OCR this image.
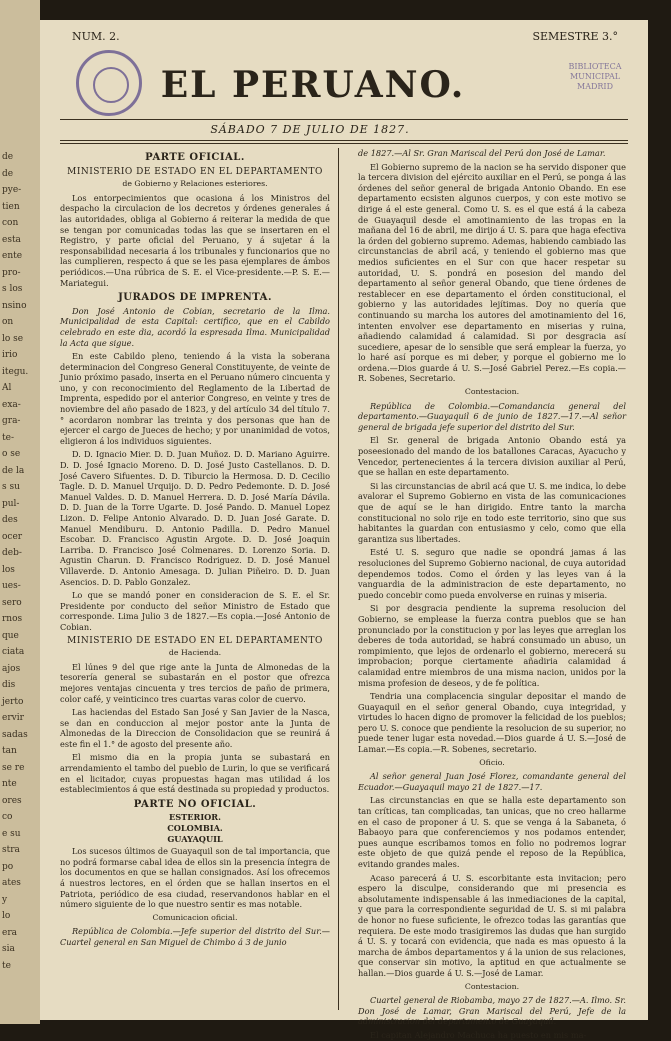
de
de
pye-
tien
con
esta
ente
pro-
s los
nsino
on
lo se
irio
itegu.
Al
exa-
gra-
te-
o se
de la
s su
pul-
des
ocer
deb-
los
ues-
sero
rnos
que
ciata
ajos
dis
jerto
ervir
sadas
tan
se re
nte
ores
co
e su
stra
po
ates
y
lo
era
sia
te
NUM. 2.	SEMESTRE 3.°
BIBLIOTECA MUNICIPAL MADRID
EL PERUANO.
SÁBADO 7 DE JULIO DE 1827.
PARTE OFICIAL.
MINISTERIO DE ESTADO EN EL DEPARTAMENTO
de Gobierno y Relaciones esteriores.

Los entorpecimientos que ocasiona á los Ministros del despacho la circulacion de los decretos y órdenes generales á las autoridades, obliga al Gobierno á reiterar la medida de que se tengan por comunicadas todas las que se insertaren en el Registro, y parte oficial del Peruano, y á sujetar á la responsabilidad necesaria á los tribunales y funcionarios que no las cumplieren, respecto á que se les pasa ejemplares de ámbos periódicos.—Una rúbrica de S. E. el Vice-presidente.—P. S. E.—Mariategui.

JURADOS DE IMPRENTA.

Don José Antonio de Cobian, secretario de la Ilma. Municipalidad de esta Capital: certifico, que en el Cabildo celebrado en este dia, acordó la espresada Ilma. Municipalidad la Acta que sigue.

En este Cabildo pleno, teniendo á la vista la soberana determinacion del Congreso General Constituyente, de veinte de Junio próximo pasado, inserta en el Peruano número cincuenta y uno, y con reconocimiento del Reglamento de la Libertad de Imprenta, espedido por el anterior Congreso, en veinte y tres de noviembre del año pasado de 1823, y del artículo 34 del título 7.° acordaron nombrar las treinta y dos personas que han de ejercer el cargo de Jueces de hecho; y por unanimidad de votos, eligieron á los individuos siguientes.

D. D. Ignacio Mier. D. D. Juan Muñoz. D. D. Mariano Aguirre. D. D. José Ignacio Moreno. D. D. José Justo Castellanos. D. D. José Cavero Sifuentes. D. D. Tiburcio la Hermosa. D. D. Cecilio Tagle. D. D. Manuel Urquijo. D. D. Pedro Pedemonte. D. D. José Manuel Valdes. D. D. Manuel Herrera. D. D. José María Dávila. D. D. Juan de la Torre Ugarte. D. José Pando. D. Manuel Lopez Lizon. D. Felipe Antonio Alvarado. D. D. Juan José Garate. D. Manuel Mendiburu. D. Antonio Padilla. D. Pedro Manuel Escobar. D. Francisco Agustin Argote. D. D. José Joaquin Larriba. D. Francisco José Colmenares. D. Lorenzo Soria. D. Agustin Charun. D. Francisco Rodriguez. D. D. José Manuel Villaverde. D. Antonio Amesaga. D. Julian Piñeiro. D. D. Juan Asencios. D. D. Pablo Gonzalez.

Lo que se mandó poner en consideracion de S. E. el Sr. Presidente por conducto del señor Ministro de Estado que corresponde. Lima Julio 3 de 1827.—Es copia.—José Antonio de Cobian.

MINISTERIO DE ESTADO EN EL DEPARTAMENTO
de Hacienda.

El lúnes 9 del que rige ante la Junta de Almonedas de la tesorería general se subastarán en el postor que ofrezca mejores ventajas cincuenta y tres tercios de paño de primera, color café, y veinticinco tres cuartas varas color de cuervo.

Las haciendas del Estado San José y San Javier de la Nasca, se dan en conduccion al mejor postor ante la Junta de Almonedas de la Direccion de Consolidacion que se reunirá á este fin el 1.° de agosto del presente año.

El mismo dia en la propia junta se subastará en arrendamiento el tambo del pueblo de Lurin, lo que se verificará en el licitador, cuyas propuestas hagan mas utilidad á los establecimientos á que está destinada su propiedad y productos.

PARTE NO OFICIAL.
ESTERIOR.
COLOMBIA.
GUAYAQUIL

Los sucesos últimos de Guayaquil son de tal importancia, que no podrá formarse cabal idea de ellos sin la presencia íntegra de los documentos en que se hallan consignados. Así los ofrecemos á nuestros lectores, en el órden que se hallan insertos en el Patriota, periódico de esa ciudad, reservandonos hablar en el número siguiente de lo que nuestro sentir es mas notable.

Comunicacion oficial.

República de Colombia.—Jefe superior del distrito del Sur.—Cuartel general en San Miguel de Chimbo á 3 de junio

de 1827.—Al Sr. Gran Mariscal del Perú don José de Lamar.

El Gobierno supremo de la nacion se ha servido disponer que la tercera division del ejército auxiliar en el Perú, se ponga á las órdenes del señor general de brigada Antonio Obando. En ese departamento ecsisten algunos cuerpos, y con este motivo se dirige á el este general. Como U. S. es el que está á la cabeza de Guayaquil desde el amotinamiento de las tropas en la mañana del 16 de abril, me dirijo á U. S. para que haga efectiva la órden del gobierno supremo. Ademas, habiendo cambiado las circunstancias de abril acá, y teniendo el gobierno mas que medios suficientes en el Sur con que hacer respetar su autoridad, U. S. pondrá en posesion del mando del departamento al señor general Obando, que tiene órdenes de restablecer en ese departamento el órden constitucional, el gobierno y las autoridades lejítimas. Doy no quería que continuando su marcha los autores del amotinamiento del 16, intenten envolver ese departamento en miserias y ruina, añadiendo calamidad á calamidad. Si por desgracia así sucediere, apesar de lo sensible que será emplear la fuerza, yo lo haré así porque es mi deber, y porque el gobierno me lo ordena.—Dios guarde á U. S.—José Gabriel Perez.—Es copia.—R. Sobenes, Secretario.

Contestacion.

República de Colombia.—Comandancia general del departamento.—Guayaquil 6 de junio de 1827.—17.—Al señor general de brigada jefe superior del distrito del Sur.

El Sr. general de brigada Antonio Obando está ya poseesionado del mando de los batallones Caracas, Ayacucho y Vencedor, pertenecientes á la tercera division auxiliar al Perú, que se hallan en este departamento.

Si las circunstancias de abril acá que U. S. me indica, lo debe avalorar el Supremo Gobierno en vista de las comunicaciones que de aquí se le han dirigido. Entre tanto la marcha constitucional no solo rije en todo este territorio, sino que sus habitantes la guardan con entusiasmo y celo, como que ella garantiza sus libertades.

Esté U. S. seguro que nadie se opondrá jamas á las resoluciones del Supremo Gobierno nacional, de cuya autoridad dependemos todos. Como el órden y las leyes van á la vanguardia de la administracion de este departamento, no puedo concebir como pueda envolverse en ruinas y miseria.

Si por desgracia pendiente la suprema resolucion del Gobierno, se emplease la fuerza contra pueblos que se han pronunciado por la constitucion y por las leyes que arreglan los deberes de toda autoridad, se habrá consumado un abuso, un rompimiento, que lejos de ordenarlo el gobierno, merecerá su improbacion; porque ciertamente añadiria calamidad á calamidad entre miembros de una misma nacion, unidos por la misma profesion de deseos, y de fe política.

Tendria una complacencia singular depositar el mando de Guayaquil en el señor general Obando, cuya integridad, y virtudes lo hacen digno de promover la felicidad de los pueblos; pero U. S. conoce que pendiente la resolucion de su superior, no puede tener lugar esta novedad.—Dios guarde á U. S.—José de Lamar.—Es copia.—R. Sobenes, secretario.

Oficio.

Al señor general Juan José Florez, comandante general del Ecuador.—Guayaquil mayo 21 de 1827.—17.

Las circunstancias en que se halla este departamento son tan críticas, tan complicadas, tan unicas, que no creo hallarme en el caso de proponer á U. S. que se venga á la Sabaneta, ó Babaoyo para que conferenciemos y nos podamos entender, pues aunque escribamos tomos en folio no podremos lograr este objeto de que quizá pende el reposo de la República, evitando grandes males.

Acaso parecerá á U. S. escorbitante esta invitacion; pero espero la disculpe, considerando que mi presencia es absolutamente indispensable á las inmediaciones de la capital, y que para la correspondiente seguridad de U. S. si mi palabra de honor no fuese suficiente, le ofrezco todas las garantías que requiera. De este modo trasigiremos las dudas que han surgido á U. S. y tocará con evidencia, que nada es mas opuesto á la marcha de ámbos departamentos y á la union de sus relaciones, que conservar sin motivo, la aptitud en que actualmente se hallan.—Dios guarde á U. S.—José de Lamar.

Contestacion.

Cuartel general de Riobamba, mayo 27 de 1827.—A. Ilmo. Sr. Don José de Lamar, Gran Mariscal del Perú, Jefe de la administracion del departamento de Guayaquil.

El capitan Alejandro Machuca ha puesto en mis ma-
